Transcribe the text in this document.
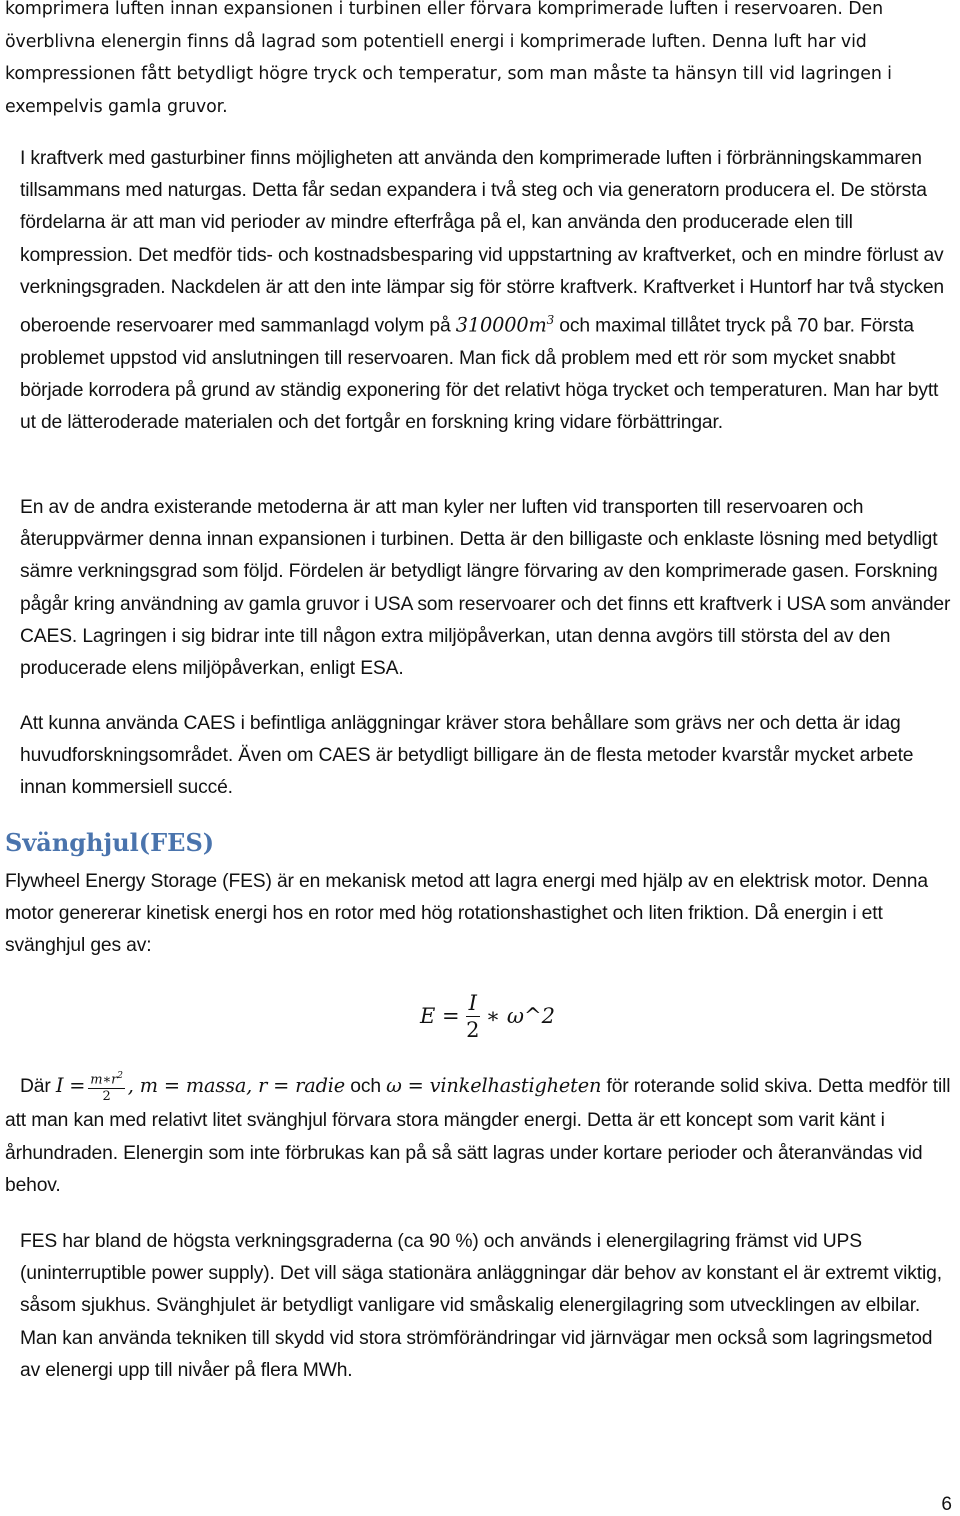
komprimera luften innan expansionen i turbinen eller förvara komprimerade luften i reservoaren. Den överblivna elenergin finns då lagrad som potentiell energi i komprimerade luften. Denna luft har vid kompressionen fått betydligt högre tryck och temperatur, som man måste ta hänsyn till vid lagringen i exempelvis gamla gruvor.

I kraftverk med gasturbiner finns möjligheten att använda den komprimerade luften i förbränningskammaren tillsammans med naturgas. Detta får sedan expandera i två steg och via generatorn producera el. De största fördelarna är att man vid perioder av mindre efterfråga på el, kan använda den producerade elen till kompression. Det medför tids- och kostnadsbesparing vid uppstartning av kraftverket, och en mindre förlust av verkningsgraden. Nackdelen är att den inte lämpar sig för större kraftverk. Kraftverket i Huntorf har två stycken oberoende reservoarer med sammanlagd volym på $310000m^3$ och maximal tillåtet tryck på 70 bar. Första problemet uppstod vid anslutningen till reservoaren. Man fick då problem med ett rör som mycket snabbt började korrodera på grund av ständig exponering för det relativt höga trycket och temperaturen. Man har bytt ut de lätteroderade materialen och det fortgår en forskning kring vidare förbättringar.

En av de andra existerande metoderna är att man kyler ner luften vid transporten till reservoaren och återuppvärmer denna innan expansionen i turbinen. Detta är den billigaste och enklaste lösning med betydligt sämre verkningsgrad som följd. Fördelen är betydligt längre förvaring av den komprimerade gasen. Forskning pågår kring användning av gamla gruvor i USA som reservoarer och det finns ett kraftverk i USA som använder CAES. Lagringen i sig bidrar inte till någon extra miljöpåverkan, utan denna avgörs till största del av den producerade elens miljöpåverkan, enligt ESA.

Att kunna använda CAES i befintliga anläggningar kräver stora behållare som grävs ner och detta är idag huvudforskningsområdet. Även om CAES är betydligt billigare än de flesta metoder kvarstår mycket arbete innan kommersiell succé.

Svänghjul(FES)

Flywheel Energy Storage (FES) är en mekanisk metod att lagra energi med hjälp av en elektrisk motor. Denna motor genererar kinetisk energi hos en rotor med hög rotationshastighet och liten friktion. Då energin i ett svänghjul ges av:

$E = \frac{I}{2}$ ∗ ω^2

Där $I = \frac{m∗r^2}{2}$ , m = massa, r = radie och ω = vinkelhastigheten för roterande solid skiva. Detta medför till att man kan med relativt litet svänghjul förvara stora mängder energi. Detta är ett koncept som varit känt i århundraden. Elenergin som inte förbrukas kan på så sätt lagras under kortare perioder och återanvändas vid behov.

FES har bland de högsta verkningsgraderna (ca 90 %) och används i elenergilagring främst vid UPS (uninterruptible power supply). Det vill säga stationära anläggningar där behov av konstant el är extremt viktig, såsom sjukhus. Svänghjulet är betydligt vanligare vid småskalig elenergilagring som utvecklingen av elbilar. Man kan använda tekniken till skydd vid stora strömförändringar vid järnvägar men också som lagringsmetod av elenergi upp till nivåer på flera MWh.

6
